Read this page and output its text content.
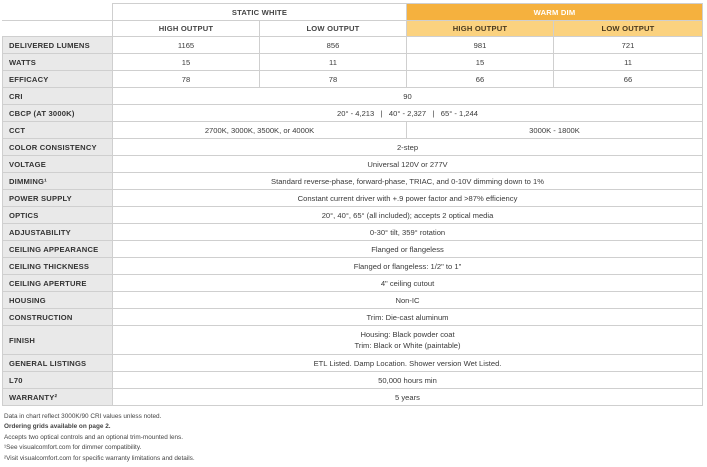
	STATIC WHITE		WARM DIM	
	HIGH OUTPUT	LOW OUTPUT	HIGH OUTPUT	LOW OUTPUT
DELIVERED LUMENS	1165	856	981	721
WATTS	15	11	15	11
EFFICACY	78	78	66	66
CRI	90			
CBCP (AT 3000K)	20° - 4,213   |   40° - 2,327   |   65° - 1,244			
CCT	2700K, 3000K, 3500K, or 4000K		3000K - 1800K	
COLOR CONSISTENCY	2-step			
VOLTAGE	Universal 120V or 277V			
DIMMING¹	Standard reverse-phase, forward-phase, TRIAC, and 0-10V dimming down to 1%			
POWER SUPPLY	Constant current driver with +.9 power factor and >87% efficiency			
OPTICS	20°, 40°, 65° (all included); accepts 2 optical media			
ADJUSTABILITY	0-30° tilt, 359° rotation			
CEILING APPEARANCE	Flanged or flangeless			
CEILING THICKNESS	Flanged or flangeless: 1/2" to 1"			
CEILING APERTURE	4" ceiling cutout			
HOUSING	Non-IC			
CONSTRUCTION	Trim: Die-cast aluminum			
FINISH	Housing: Black powder coat
Trim: Black or White (paintable)			

GENERAL LISTINGS	ETL Listed. Damp Location. Shower version Wet Listed.			
L70	50,000 hours min			
WARRANTY²	5 years			
Data in chart reflect 3000K/90 CRI values unless noted.
Ordering grids available on page 2.
Accepts two optical controls and an optional trim-mounted lens.
¹See visualcomfort.com for dimmer compatibility.
²Visit visualcomfort.com for specific warranty limitations and details.
